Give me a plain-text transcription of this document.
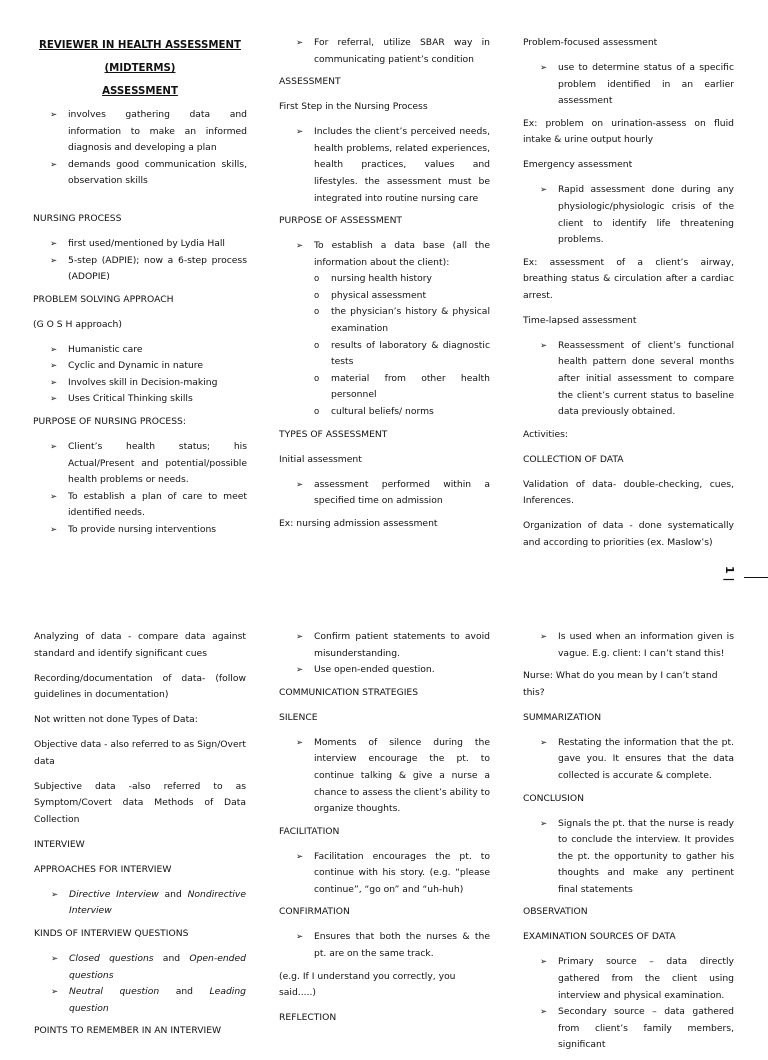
REVIEWER IN HEALTH ASSESSMENT
(MIDTERMS)
ASSESSMENT
➢ involves gathering data and information to make an informed diagnosis and developing a plan
➢ demands good communication skills, observation skills

NURSING PROCESS

➢ first used/mentioned by Lydia Hall
➢ 5-step (ADPIE); now a 6-step process (ADOPIE)

PROBLEM SOLVING APPROACH

(G O S H approach)

➢ Humanistic care
➢ Cyclic and Dynamic in nature
➢ Involves skill in Decision-making
➢ Uses Critical Thinking skills

PURPOSE OF NURSING PROCESS:

➢ Client’s health status; his Actual/Present and potential/possible health problems or needs.
➢ To establish a plan of care to meet identified needs.
➢ To provide nursing interventions
➢ For referral, utilize SBAR way in communicating patient’s condition

ASSESSMENT

First Step in the Nursing Process

➢ Includes the client’s perceived needs, health problems, related experiences, health practices, values and lifestyles. the assessment must be integrated into routine nursing care

PURPOSE OF ASSESSMENT

➢ To establish a data base (all the information about the client):
o nursing health history
o physical assessment
o the physician’s history & physical examination
o results of laboratory & diagnostic tests
o material from other health personnel
o cultural beliefs/ norms

TYPES OF ASSESSMENT

Initial assessment

➢ assessment performed within a specified time on admission

Ex: nursing admission assessment

Problem-focused assessment

➢ use to determine status of a specific problem identified in an earlier assessment

Ex: problem on urination-assess on fluid intake & urine output hourly

Emergency assessment

➢ Rapid assessment done during any physiologic/physiologic crisis of the client to identify life threatening problems.

Ex: assessment of a client’s airway, breathing status & circulation after a cardiac arrest.

Time-lapsed assessment

➢ Reassessment of client’s functional health pattern done several months after initial assessment to compare the client’s current status to baseline data previously obtained.

Activities:

COLLECTION OF DATA

Validation of data- double-checking, cues, Inferences.

Organization of data - done systematically and according to priorities (ex. Maslow’s)

1 |

Analyzing of data - compare data against standard and identify significant cues

Recording/documentation of data- (follow guidelines in documentation)

Not written not done Types of Data:

Objective data - also referred to as Sign/Overt data

Subjective data -also referred to as Symptom/Covert data Methods of Data Collection

INTERVIEW

APPROACHES FOR INTERVIEW

➢ Directive Interview and Nondirective Interview

KINDS OF INTERVIEW QUESTIONS

➢ Closed questions and Open-ended questions
➢ Neutral question and Leading question

POINTS TO REMEMBER IN AN INTERVIEW

➢ Confirm patient statements to avoid misunderstanding.
➢ Use open-ended question.

COMMUNICATION STRATEGIES

SILENCE

➢ Moments of silence during the interview encourage the pt. to continue talking & give a nurse a chance to assess the client’s ability to organize thoughts.

FACILITATION

➢ Facilitation encourages the pt. to continue with his story. (e.g. “please continue”, “go on” and “uh-huh)

CONFIRMATION

➢ Ensures that both the nurses & the pt. are on the same track.

(e.g. If I understand you correctly, you said.....)

REFLECTION

➢ Is used when an information given is vague. E.g. client: I can’t stand this!

Nurse: What do you mean by I can’t stand this?

SUMMARIZATION

➢ Restating the information that the pt. gave you. It ensures that the data collected is accurate & complete.

CONCLUSION

➢ Signals the pt. that the nurse is ready to conclude the interview. It provides the pt. the opportunity to gather his thoughts and make any pertinent final statements

OBSERVATION

EXAMINATION SOURCES OF DATA

➢ Primary source – data directly gathered from the client using interview and physical examination.
➢ Secondary source – data gathered from client’s family members, significant
